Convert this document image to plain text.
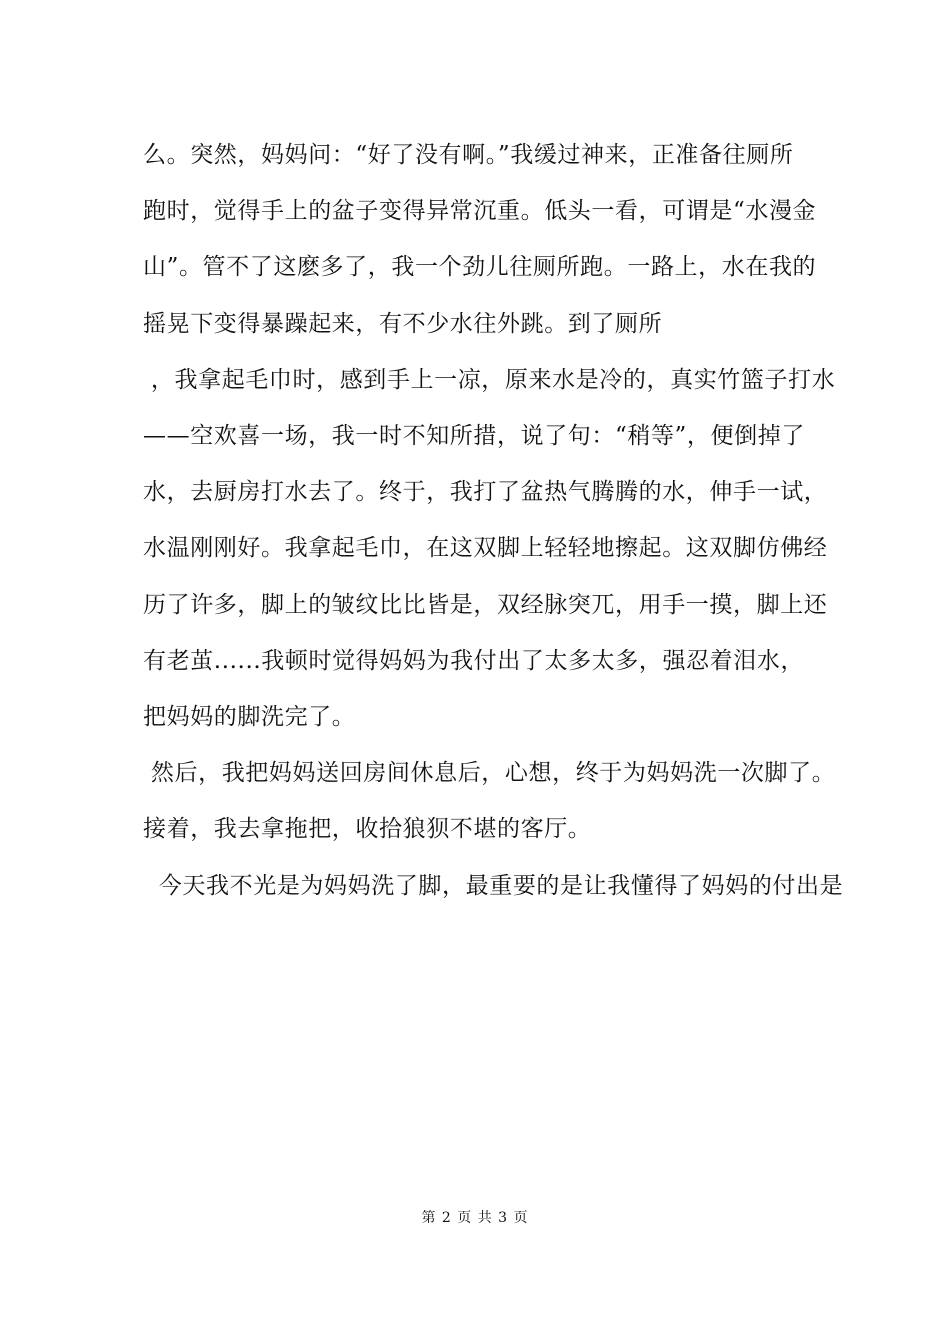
么。突然，妈妈问：“好了没有啊。”我缓过神来，正准备往厕所
跑时，觉得手上的盆子变得异常沉重。低头一看，可谓是“水漫金
山”。管不了这麽多了，我一个劲儿往厕所跑。一路上，水在我的
摇晃下变得暴躁起来，有不少水往外跳。到了厕所
，我拿起毛巾时，感到手上一凉，原来水是冷的，真实竹篮子打水
——空欢喜一场，我一时不知所措，说了句：“稍等”，便倒掉了
水，去厨房打水去了。终于，我打了盆热气腾腾的水，伸手一试，
水温刚刚好。我拿起毛巾，在这双脚上轻轻地擦起。这双脚仿佛经
历了许多，脚上的皱纹比比皆是，双经脉突兀，用手一摸，脚上还
有老茧......我顿时觉得妈妈为我付出了太多太多，强忍着泪水，
把妈妈的脚洗完了。
然后，我把妈妈送回房间休息后，心想，终于为妈妈洗一次脚了。
接着，我去拿拖把，收拾狼狈不堪的客厅。
今天我不光是为妈妈洗了脚，最重要的是让我懂得了妈妈的付出是
第 2 页 共 3 页
